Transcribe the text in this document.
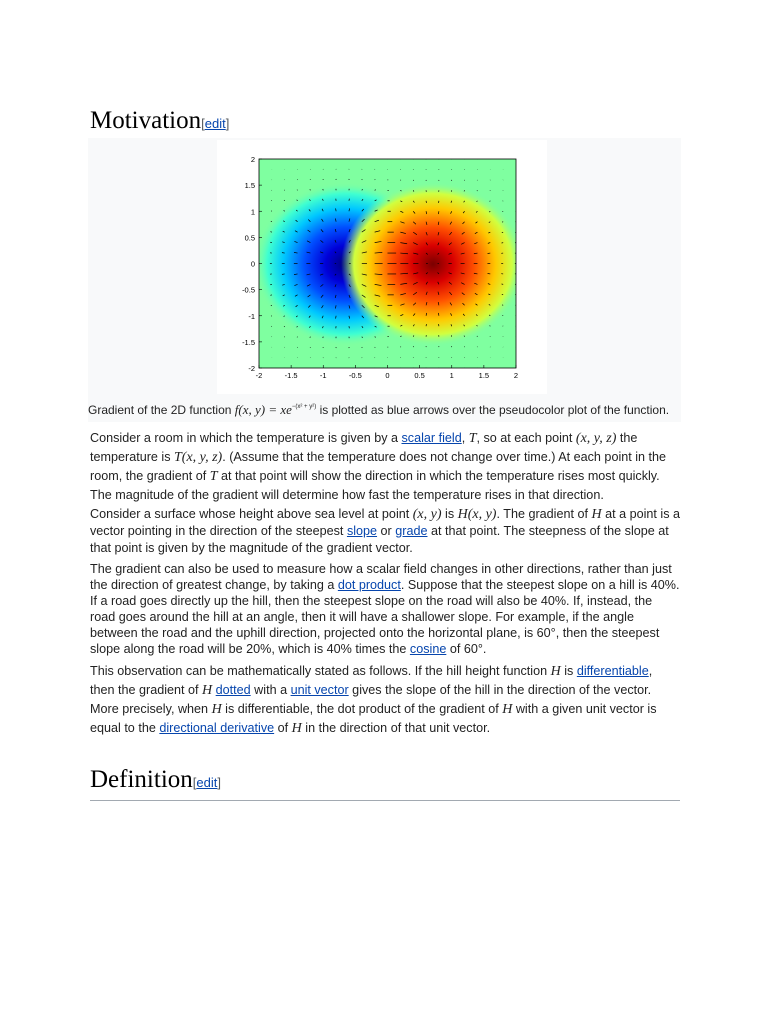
Motivation[edit]
-2	-1.5	-1	-0.5	0	0.5	1	1.5	2
2
1.5
1
0.5
0
-0.5
-1
-1.5
-2
Gradient of the 2D function f(x, $y) = xe^{-(x^2 + y^2)}$ is plotted as blue arrows over the pseudocolor plot of the function.

Consider a room in which the temperature is given by a scalar field, T, so at each point (x, y, z) the temperature is T(x, y, z). (Assume that the temperature does not change over time.) At each point in the room, the gradient of T at that point will show the direction in which the temperature rises most quickly. The magnitude of the gradient will determine how fast the temperature rises in that direction.

Consider a surface whose height above sea level at point (x, y) is H(x, y). The gradient of H at a point is a vector pointing in the direction of the steepest slope or grade at that point. The steepness of the slope at that point is given by the magnitude of the gradient vector.

The gradient can also be used to measure how a scalar field changes in other directions, rather than just the direction of greatest change, by taking a dot product. Suppose that the steepest slope on a hill is 40%. If a road goes directly up the hill, then the steepest slope on the road will also be 40%. If, instead, the road goes around the hill at an angle, then it will have a shallower slope. For example, if the angle between the road and the uphill direction, projected onto the horizontal plane, is 60°, then the steepest slope along the road will be 20%, which is 40% times the cosine of 60°.

This observation can be mathematically stated as follows. If the hill height function H is differentiable, then the gradient of H dotted with a unit vector gives the slope of the hill in the direction of the vector. More precisely, when H is differentiable, the dot product of the gradient of H with a given unit vector is equal to the directional derivative of H in the direction of that unit vector.

Definition[edit]
